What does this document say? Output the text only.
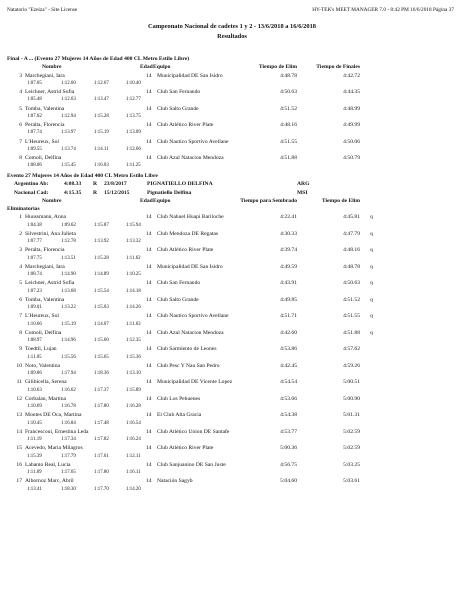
Natatorio "Ezeiza" - Site License	HY-TEK's MEET MANAGER 7.0 - 8:42 PM 16/6/2018 Página 37
Campeonato Nacional de cadetes 1 y 2 - 13/6/2018 a 16/6/2018
Resultados
Final - A ... (Evento 27 Mujeres 14 Años de Edad 400 CL Metro Estilo Libre)
Nombre	Edad Equipo	Tiempo de Elim	Tiempo de Finales
3 Marchegiani, Iara	14 Municipalidad DE San Isidro	4:48.78	4:42.72
1:07.05	1:12.60	1:12.67	1:10.40
4 Leichner, Astrid Sofia	14 Club San Fernando	4:50.63	4:44.35
1:05.48	1:12.63	1:13.47	1:12.77
5 Tomba, Valentina	14 Club Salto Grande	4:51.52	4:48.99
1:07.02	1:12.94	1:15.28	1:13.75
6 Peralta, Florencia	14 Club Atlético River Plate	4:48.16	4:49.99
1:07.74	1:13.97	1:15.19	1:13.09
7 L'Heureux, Sol	14 Club Nautico Sportivo Avellane	4:51.55	4:50.06
1:09.55	1:13.74	1:14.11	1:12.66
8 Comoli, Delfina	14 Club Azul Natacion Mendoza	4:51.88	4:50.79
1:08.06	1:15.45	1:16.03	1:11.25
Evento 27 Mujeres 14 Años de Edad 400 CL Metro Estilo Libre
Argentino Ab:	4:08.33 R 23/8/2017	PIGNATIELLO DELFINA	ARG
Nacional Cad:	4:15.35 R 15/12/2015	Pignatiello Delfina	MSI
Nombre	Edad Equipo	Tiempo para Sembrado	Tiempo de Elim
Eliminatorias
1 Huussmann, Anna	14 Club Nahuel Huapi Bariloche	4:22.41	4:45.81 q
1:04.38	1:09.62	1:15.87	1:15.94
2 Silvestrini, Ana Julieta	14 Club Mendoza DE Regatas	4:30.33	4:47.79 q
1:07.77	1:12.78	1:13.92	1:13.32
3 Peralta, Florencia	14 Club Atlético River Plate	4:39.74	4:48.16 q
1:07.75	1:13.51	1:15.28	1:11.62
4 Marchegiani, Iara	14 Municipalidad DE San Isidro	4:49.59	4:48.78 q
1:08.74	1:14.90	1:14.89	1:10.25
5 Leichner, Astrid Sofia	14 Club San Fernando	4:43.91	4:50.63 q
1:07.23	1:13.68	1:15.54	1:14.18
6 Tomba, Valentina	14 Club Salto Grande	4:49.85	4:51.52 q
1:09.01	1:13.22	1:15.03	1:14.26
7 L'Heureux, Sol	14 Club Nautico Sportivo Avellane	4:51.71	4:51.55 q
1:10.66	1:15.19	1:14.07	1:11.63
8 Comoli, Delfina	14 Club Azul Natacion Mendoza	4:42.60	4:51.88 q
1:08.97	1:14.96	1:15.60	1:12.35
9 Toedtli, Lujan	14 Club Sarmiento de Leones	4:53.86	4:57.62
1:11.05	1:15.56	1:15.65	1:15.36
10 Noto, Valentina	14 Club Pesc Y Nau San Pedro	4:42.45	4:59.26
1:09.86	1:17.94	1:18.36	1:13.10
11 Gilibicella, Serena	14 Municipalidad DE Vicente Lopez	4:54.54	5:00.51
1:10.63	1:16.62	1:17.37	1:15.89
12 Corbalan, Martina	14 Club Los Pehuenes	4:53.66	5:00.90
1:10.69	1:16.78	1:17.80	1:16.28
13 Montes DE Oca, Martina	14 El Club Alta Gracia	4:54.38	5:01.31
1:10.45	1:16.84	1:17.48	1:16.54
14 Francescoui, Ernestina Leda	14 Club Atlético Union DE Santafe	4:53.77	5:02.59
1:11.19	1:17.34	1:17.82	1:16.24
15 Acevedo, Maria Milagros	14 Club Atlético River Plate	5:00.36	5:02.59
1:15.39	1:17.79	1:17.61	1:12.11
16 Labanto Real, Lucia	14 Club Sanjuanino DE San Juste	4:56.75	5:03.25
1:11.69	1:17.65	1:17.80	1:16.11
17 Albornoz Marc, Abril	14 Natación Sagyb	5:04.60	5:03.61
1:13.41	1:18.30	1:17.70	1:14.20
